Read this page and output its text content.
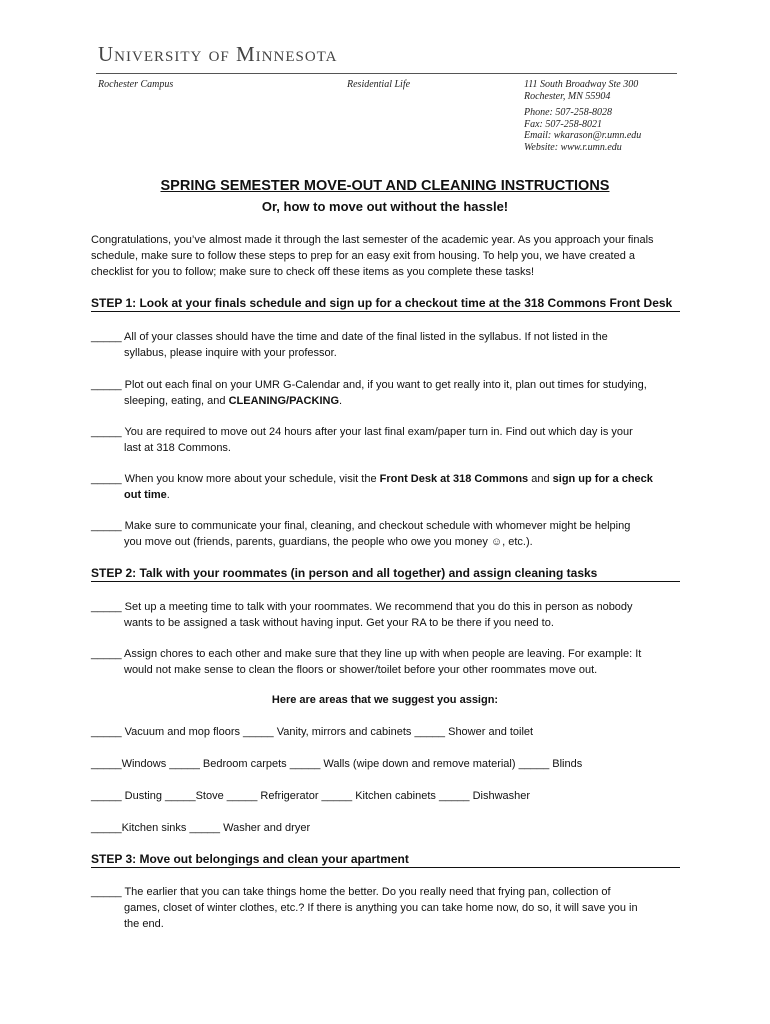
University of Minnesota
Rochester Campus	Residential Life	111 South Broadway Ste 300
Rochester, MN 55904
Phone: 507-258-8028
Fax: 507-258-8021
Email: wkarason@r.umn.edu
Website: www.r.umn.edu
SPRING SEMESTER MOVE-OUT AND CLEANING INSTRUCTIONS
Or, how to move out without the hassle!
Congratulations, you’ve almost made it through the last semester of the academic year. As you approach your finals schedule, make sure to follow these steps to prep for an easy exit from housing. To help you, we have created a checklist for you to follow; make sure to check off these items as you complete these tasks!
STEP 1: Look at your finals schedule and sign up for a checkout time at the 318 Commons Front Desk
_____ All of your classes should have the time and date of the final listed in the syllabus. If not listed in the
syllabus, please inquire with your professor.
_____ Plot out each final on your UMR G-Calendar and, if you want to get really into it, plan out times for studying,
sleeping, eating, and CLEANING/PACKING.
_____ You are required to move out 24 hours after your last final exam/paper turn in. Find out which day is your
last at 318 Commons.
_____ When you know more about your schedule, visit the Front Desk at 318 Commons and sign up for a check
out time.
_____ Make sure to communicate your final, cleaning, and checkout schedule with whomever might be helping
you move out (friends, parents, guardians, the people who owe you money ☺, etc.).
STEP 2: Talk with your roommates (in person and all together) and assign cleaning tasks
_____ Set up a meeting time to talk with your roommates. We recommend that you do this in person as nobody
wants to be assigned a task without having input. Get your RA to be there if you need to.
_____ Assign chores to each other and make sure that they line up with when people are leaving. For example: It
would not make sense to clean the floors or shower/toilet before your other roommates move out.
Here are areas that we suggest you assign:
_____ Vacuum and mop floors _____ Vanity, mirrors and cabinets _____ Shower and toilet
_____Windows _____ Bedroom carpets _____ Walls (wipe down and remove material) _____ Blinds
_____ Dusting _____Stove _____ Refrigerator _____ Kitchen cabinets _____ Dishwasher
_____Kitchen sinks _____ Washer and dryer
STEP 3: Move out belongings and clean your apartment
_____ The earlier that you can take things home the better. Do you really need that frying pan, collection of
games, closet of winter clothes, etc.? If there is anything you can take home now, do so, it will save you in
the end.
